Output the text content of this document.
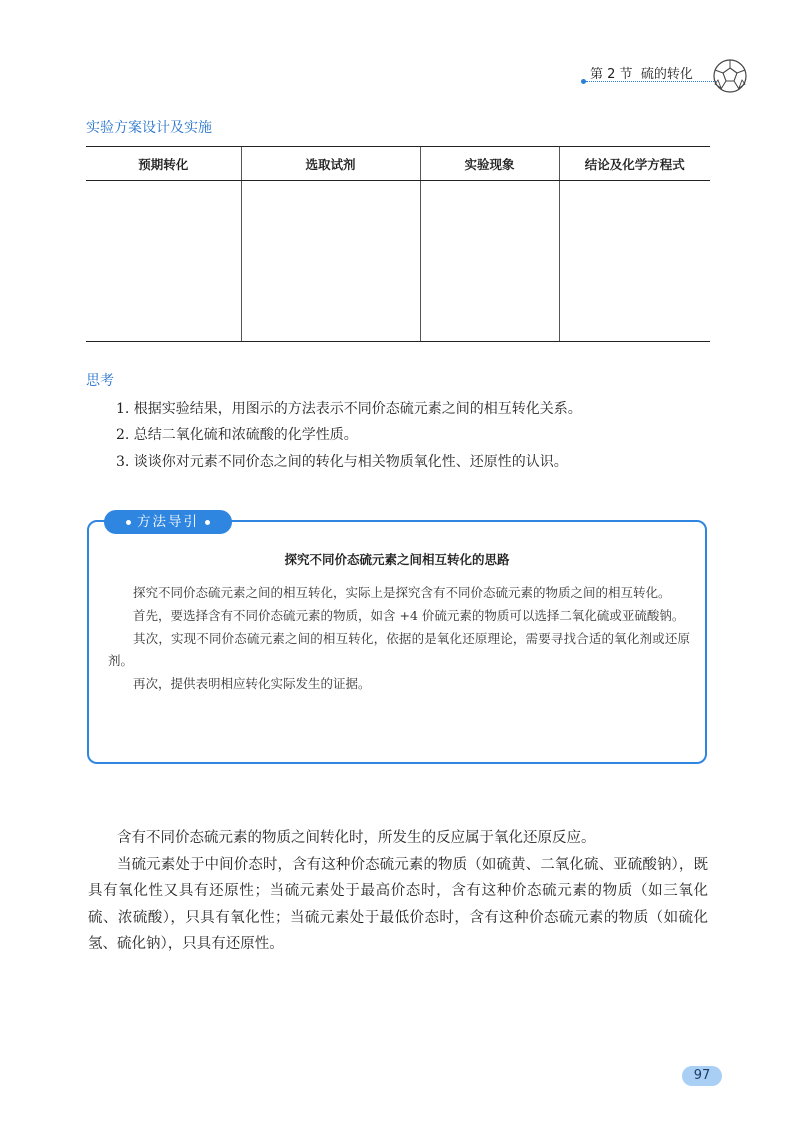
第 2 节 硫的转化
实验方案设计及实施
预期转化	选取试剂	实验现象	结论及化学方程式

思考
1. 根据实验结果，用图示的方法表示不同价态硫元素之间的相互转化关系。
2. 总结二氧化硫和浓硫酸的化学性质。
3. 谈谈你对元素不同价态之间的转化与相关物质氧化性、还原性的认识。
方法导引
探究不同价态硫元素之间相互转化的思路

探究不同价态硫元素之间的相互转化，实际上是探究含有不同价态硫元素的物质之间的相互转化。

首先，要选择含有不同价态硫元素的物质，如含 +4 价硫元素的物质可以选择二氧化硫或亚硫酸钠。

其次，实现不同价态硫元素之间的相互转化，依据的是氧化还原理论，需要寻找合适的氧化剂或还原剂。

再次，提供表明相应转化实际发生的证据。

含有不同价态硫元素的物质之间转化时，所发生的反应属于氧化还原反应。

当硫元素处于中间价态时，含有这种价态硫元素的物质（如硫黄、二氧化硫、亚硫酸钠），既具有氧化性又具有还原性；当硫元素处于最高价态时，含有这种价态硫元素的物质（如三氧化硫、浓硫酸），只具有氧化性；当硫元素处于最低价态时，含有这种价态硫元素的物质（如硫化氢、硫化钠），只具有还原性。

97
